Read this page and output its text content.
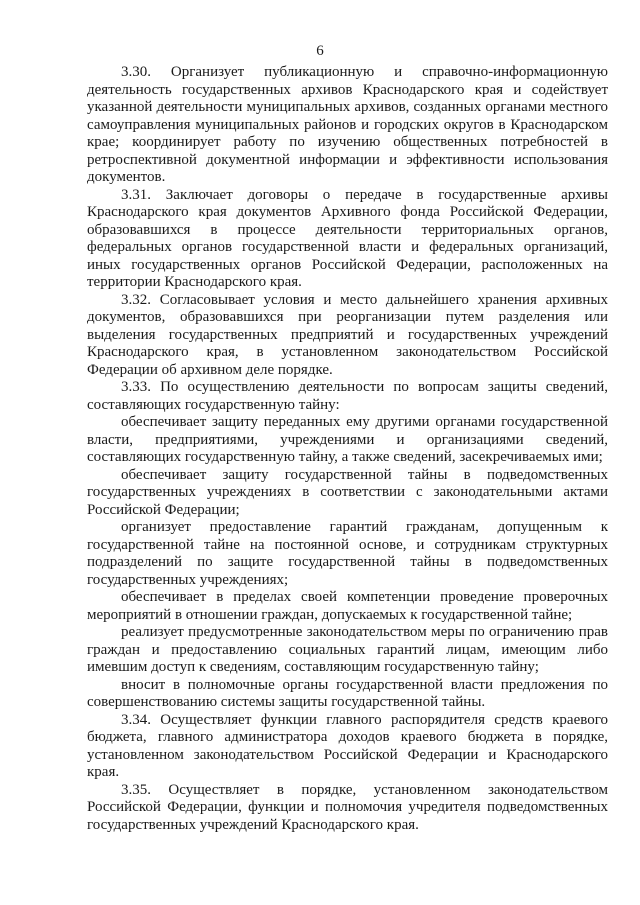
6

3.30. Организует публикационную и справочно-информационную деятельность государственных архивов Краснодарского края и содействует указанной деятельности муниципальных архивов, созданных органами местного самоуправления муниципальных районов и городских округов в Краснодарском крае; координирует работу по изучению общественных потребностей в ретроспективной документной информации и эффективности использования документов.

3.31. Заключает договоры о передаче в государственные архивы Краснодарского края документов Архивного фонда Российской Федерации, образовавшихся в процессе деятельности территориальных органов, федеральных органов государственной власти и федеральных организаций, иных государственных органов Российской Федерации, расположенных на территории Краснодарского края.

3.32. Согласовывает условия и место дальнейшего хранения архивных документов, образовавшихся при реорганизации путем разделения или выделения государственных предприятий и государственных учреждений Краснодарского края, в установленном законодательством Российской Федерации об архивном деле порядке.

3.33. По осуществлению деятельности по вопросам защиты сведений, составляющих государственную тайну:

обеспечивает защиту переданных ему другими органами государственной власти, предприятиями, учреждениями и организациями сведений, составляющих государственную тайну, а также сведений, засекречиваемых ими;

обеспечивает защиту государственной тайны в подведомственных государственных учреждениях в соответствии с законодательными актами Российской Федерации;

организует предоставление гарантий гражданам, допущенным к государственной тайне на постоянной основе, и сотрудникам структурных подразделений по защите государственной тайны в подведомственных государственных учреждениях;

обеспечивает в пределах своей компетенции проведение проверочных мероприятий в отношении граждан, допускаемых к государственной тайне;

реализует предусмотренные законодательством меры по ограничению прав граждан и предоставлению социальных гарантий лицам, имеющим либо имевшим доступ к сведениям, составляющим государственную тайну;

вносит в полномочные органы государственной власти предложения по совершенствованию системы защиты государственной тайны.

3.34. Осуществляет функции главного распорядителя средств краевого бюджета, главного администратора доходов краевого бюджета в порядке, установленном законодательством Российской Федерации и Краснодарского края.

3.35. Осуществляет в порядке, установленном законодательством Российской Федерации, функции и полномочия учредителя подведомственных государственных учреждений Краснодарского края.
